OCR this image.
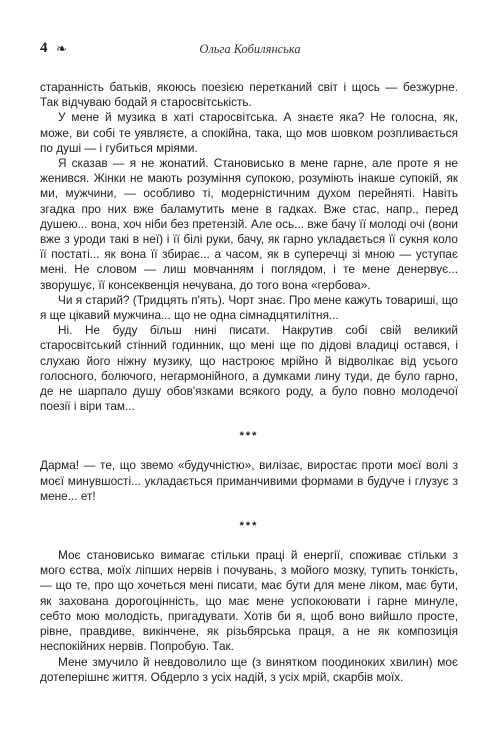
4 ❧	Ольга Кобилянська

старанність батьків, якоюсь поезією перетканий світ і щось — безжурне. Так відчуваю бодай я старосвітськість.

У мене й музика в хаті старосвітська. А знаєте яка? Не голосна, як, може, ви собі те уявляєте, а спокійна, така, що мов шовком розпливається по душі — і губиться мріями.

Я сказав — я не жонатий. Становисько в мене гарне, але проте я не женився. Жінки не мають розуміння супокою, розуміють інакше супокій, як ми, мужчини, — особливо ті, модерністичним духом перейняті. Навіть згадка про них вже баламутить мене в гадках. Вже стас, напр., перед душею... вона, хоч ніби без претензій. Але ось... вже бачу її молоді очі (вони вже з уроди такі в неї) і її білі руки, бачу, як гарно укладається її сукня коло її постаті... як вона її збирає... а часом, як в суперечці зі мною — уступає мені. Не словом — лиш мовчанням і поглядом, і те мене денервує... зворушує, її консеквенція нечувана, до того вона «гербова».

Чи я старий? (Тридцять п'ять). Чорт знає. Про мене кажуть товариші, що я ще цікавий мужчина... що не одна сімнадцятилітня...

Ні. Не буду більш нині писати. Накрутив собі свій великий старосвітський стінний годинник, що мені ще по дідові владиці остався, і слухаю його ніжну музику, що настроює мрійно й відволікає від усього голосного, болючого, негармонійного, а думками лину туди, де було гарно, де не шарпало душу обов'язками всякого роду, а було повно молодечої поезії і віри там...

***

Дарма! — те, що звемо «будучністю», вилізає, виростає проти моєї волі з моєї минувшості... укладається приманчивими формами в будуче і глузує з мене... ет!

***

Моє становисько вимагає стільки праці й енергії, споживає стільки з мого єства, моїх ліпших нервів і почувань, з мойого мозку, тупить тонкість, — що те, про що хочеться мені писати, має бути для мене ліком, має бути, як захована дорогоцінність, що має мене успокоювати і гарне минуле, себто мою молодість, пригадувати. Хотів би я, щоб воно вийшло просте, рівне, правдиве, викінчене, як різьбярська праця, а не як композиція неспокійних нервів. Попробую. Так.

Мене змучило й невдоволило ще (з винятком поодиноких хвилин) моє дотеперішнє життя. Обдерло з усіх надій, з усіх мрій, скарбів моїх.
